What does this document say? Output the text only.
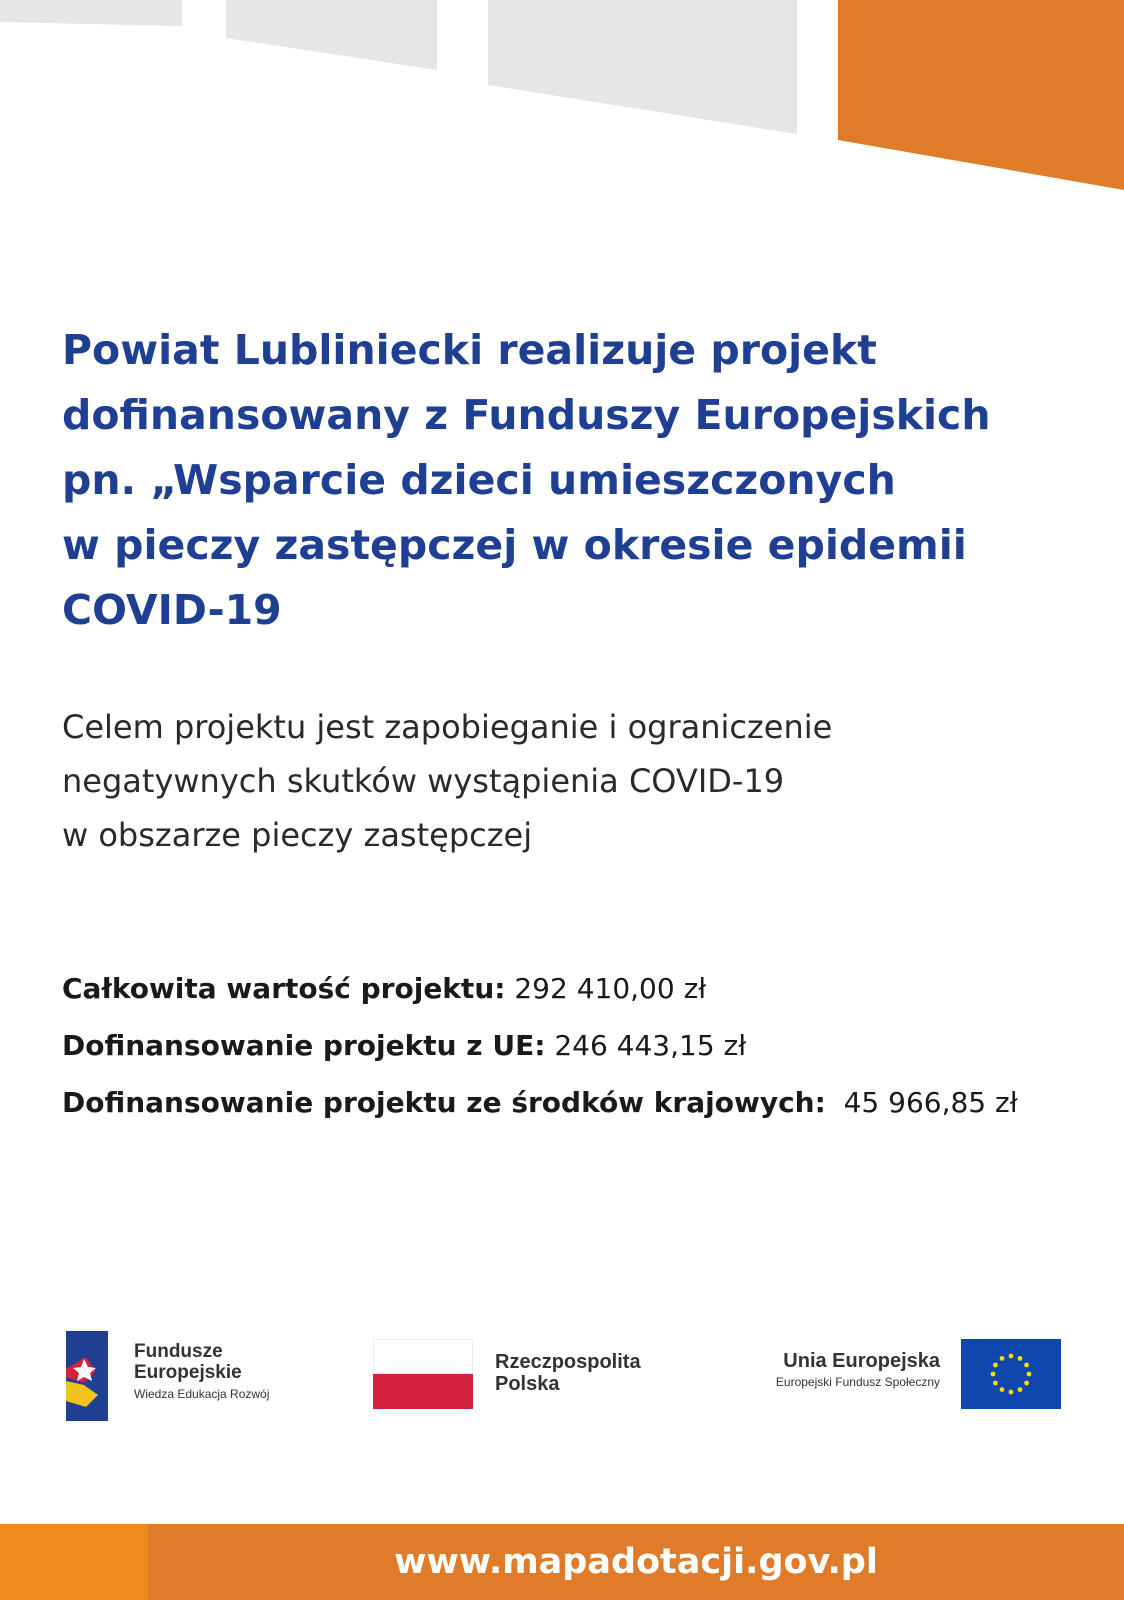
Powiat Lubliniecki realizuje projekt
dofinansowany z Funduszy Europejskich
pn. „Wsparcie dzieci umieszczonych
w pieczy zastępczej w okresie epidemii
COVID-19
Celem projektu jest zapobieganie i ograniczenie
negatywnych skutków wystąpienia COVID-19
w obszarze pieczy zastępczej
Całkowita wartość projektu: 292 410,00 zł
Dofinansowanie projektu z UE: 246 443,15 zł
Dofinansowanie projektu ze środków krajowych:  45 966,85 zł
Fundusze
Europejskie
Wiedza Edukacja Rozwój
Rzeczpospolita
Polska
Unia Europejska
Europejski Fundusz Społeczny
www.mapadotacji.gov.pl
